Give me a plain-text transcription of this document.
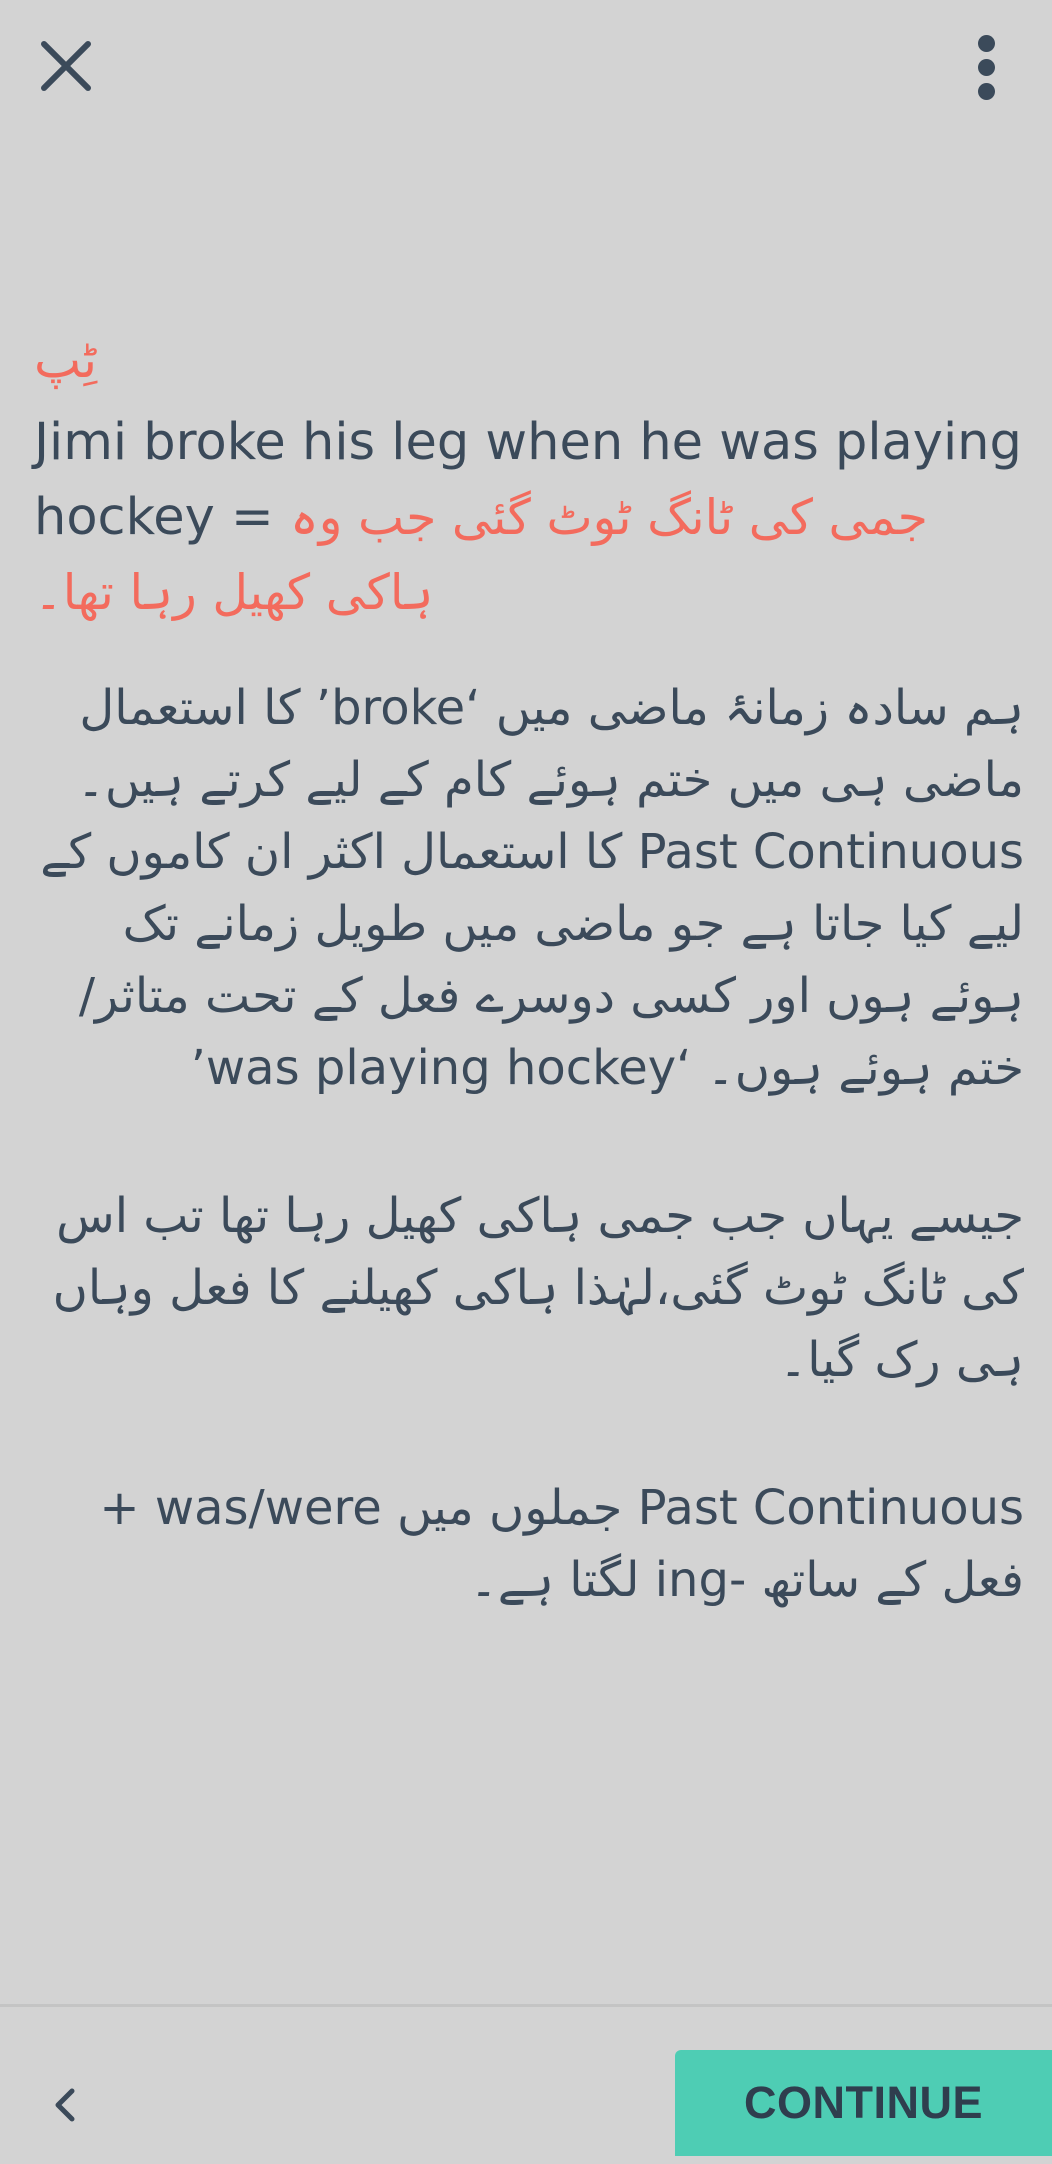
ٹِپ
Jimi broke his leg when he was playing hockey = جمی کی ٹانگ ٹوٹ گئی جب وہ ہاکی کھیل رہا تھا۔

ہم سادہ زمانۂ ماضی میں ‘broke’ کا استعمال ماضی ہی میں ختم ہوئے کام کے لیے کرتے ہیں۔

Past Continuous کا استعمال اکثر ان کاموں کے لیے کیا جاتا ہے جو ماضی میں طویل زمانے تک ہوئے ہوں اور کسی دوسرے فعل کے تحت متاثر/ختم ہوئے ہوں۔ ‘was playing hockey’

جیسے یہاں جب جمی ہاکی کھیل رہا تھا تب اس کی ٹانگ ٹوٹ گئی،لہٰذا ہاکی کھیلنے کا فعل وہاں ہی رک گیا۔

Past Continuous جملوں میں was/were + فعل کے ساتھ -ing لگتا ہے۔

CONTINUE
